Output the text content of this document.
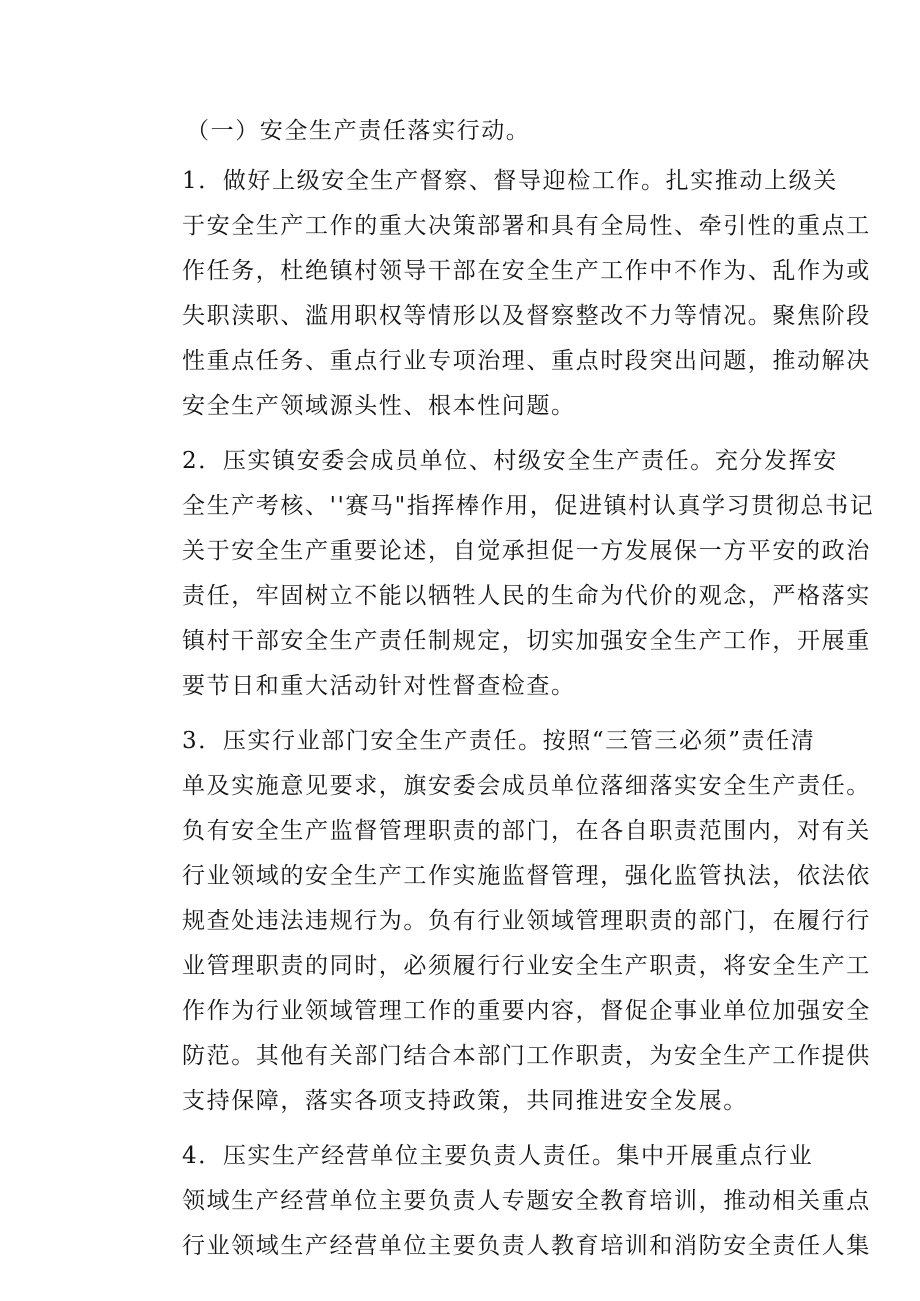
（一）安全生产责任落实行动。
1．做好上级安全生产督察、督导迎检工作。扎实推动上级关
于安全生产工作的重大决策部署和具有全局性、牵引性的重点工
作任务，杜绝镇村领导干部在安全生产工作中不作为、乱作为或
失职渎职、滥用职权等情形以及督察整改不力等情况。聚焦阶段
性重点任务、重点行业专项治理、重点时段突出问题，推动解决
安全生产领域源头性、根本性问题。
2．压实镇安委会成员单位、村级安全生产责任。充分发挥安
全生产考核、''赛马"指挥棒作用，促进镇村认真学习贯彻总书记
关于安全生产重要论述，自觉承担促一方发展保一方平安的政治
责任，牢固树立不能以牺牲人民的生命为代价的观念，严格落实
镇村干部安全生产责任制规定，切实加强安全生产工作，开展重
要节日和重大活动针对性督查检查。
3．压实行业部门安全生产责任。按照“三管三必须”责任清
单及实施意见要求，旗安委会成员单位落细落实安全生产责任。
负有安全生产监督管理职责的部门，在各自职责范围内，对有关
行业领域的安全生产工作实施监督管理，强化监管执法，依法依
规查处违法违规行为。负有行业领域管理职责的部门，在履行行
业管理职责的同时，必须履行行业安全生产职责，将安全生产工
作作为行业领域管理工作的重要内容，督促企事业单位加强安全
防范。其他有关部门结合本部门工作职责，为安全生产工作提供
支持保障，落实各项支持政策，共同推进安全发展。
4．压实生产经营单位主要负责人责任。集中开展重点行业
领域生产经营单位主要负责人专题安全教育培训，推动相关重点
行业领域生产经营单位主要负责人教育培训和消防安全责任人集
